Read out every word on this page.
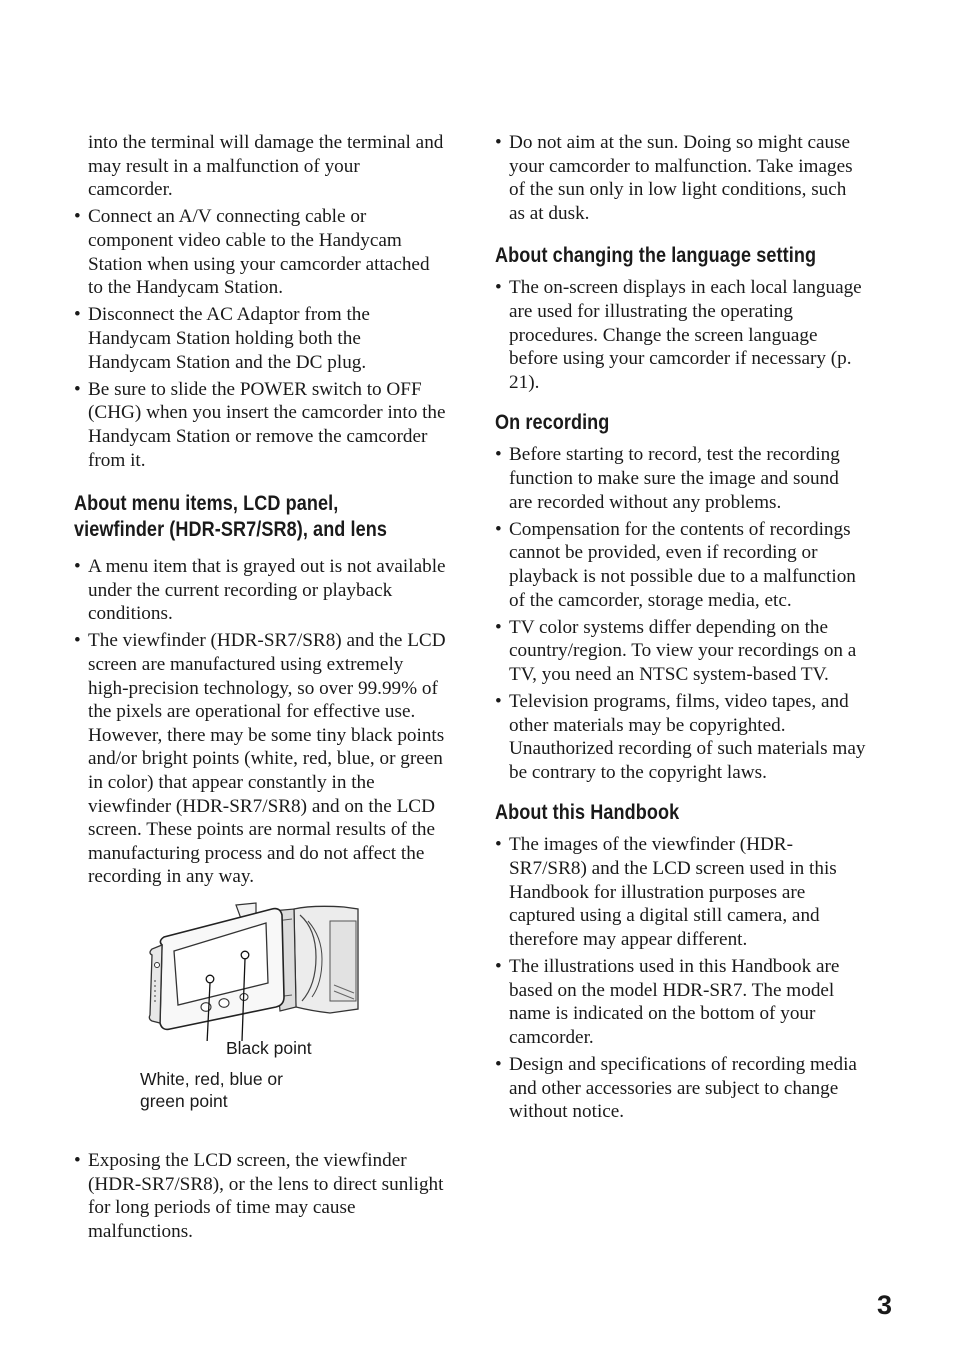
into the terminal will damage the terminal and may result in a malfunction of your camcorder.

• Connect an A/V connecting cable or component video cable to the Handycam Station when using your camcorder attached to the Handycam Station.
• Disconnect the AC Adaptor from the Handycam Station holding both the Handycam Station and the DC plug.
• Be sure to slide the POWER switch to OFF (CHG) when you insert the camcorder into the Handycam Station or remove the camcorder from it.
About menu items, LCD panel,
viewfinder (HDR-SR7/SR8), and lens
• A menu item that is grayed out is not available under the current recording or playback conditions.
• The viewfinder (HDR-SR7/SR8) and the LCD screen are manufactured using extremely high-precision technology, so over 99.99% of the pixels are operational for effective use. However, there may be some tiny black points and/or bright points (white, red, blue, or green in color) that appear constantly in the viewfinder (HDR-SR7/SR8) and on the LCD screen. These points are normal results of the manufacturing process and do not affect the recording in any way.
Black point
White, red, blue or
green point
• Exposing the LCD screen, the viewfinder (HDR-SR7/SR8), or the lens to direct sunlight for long periods of time may cause malfunctions.
• Do not aim at the sun. Doing so might cause your camcorder to malfunction. Take images of the sun only in low light conditions, such as at dusk.
About changing the language setting
• The on-screen displays in each local language are used for illustrating the operating procedures. Change the screen language before using your camcorder if necessary (p. 21).
On recording
• Before starting to record, test the recording function to make sure the image and sound are recorded without any problems.
• Compensation for the contents of recordings cannot be provided, even if recording or playback is not possible due to a malfunction of the camcorder, storage media, etc.
• TV color systems differ depending on the country/region. To view your recordings on a TV, you need an NTSC system-based TV.
• Television programs, films, video tapes, and other materials may be copyrighted. Unauthorized recording of such materials may be contrary to the copyright laws.
About this Handbook
• The images of the viewfinder (HDR-SR7/SR8) and the LCD screen used in this Handbook for illustration purposes are captured using a digital still camera, and therefore may appear different.
• The illustrations used in this Handbook are based on the model HDR-SR7. The model name is indicated on the bottom of your camcorder.
• Design and specifications of recording media and other accessories are subject to change without notice.
3
